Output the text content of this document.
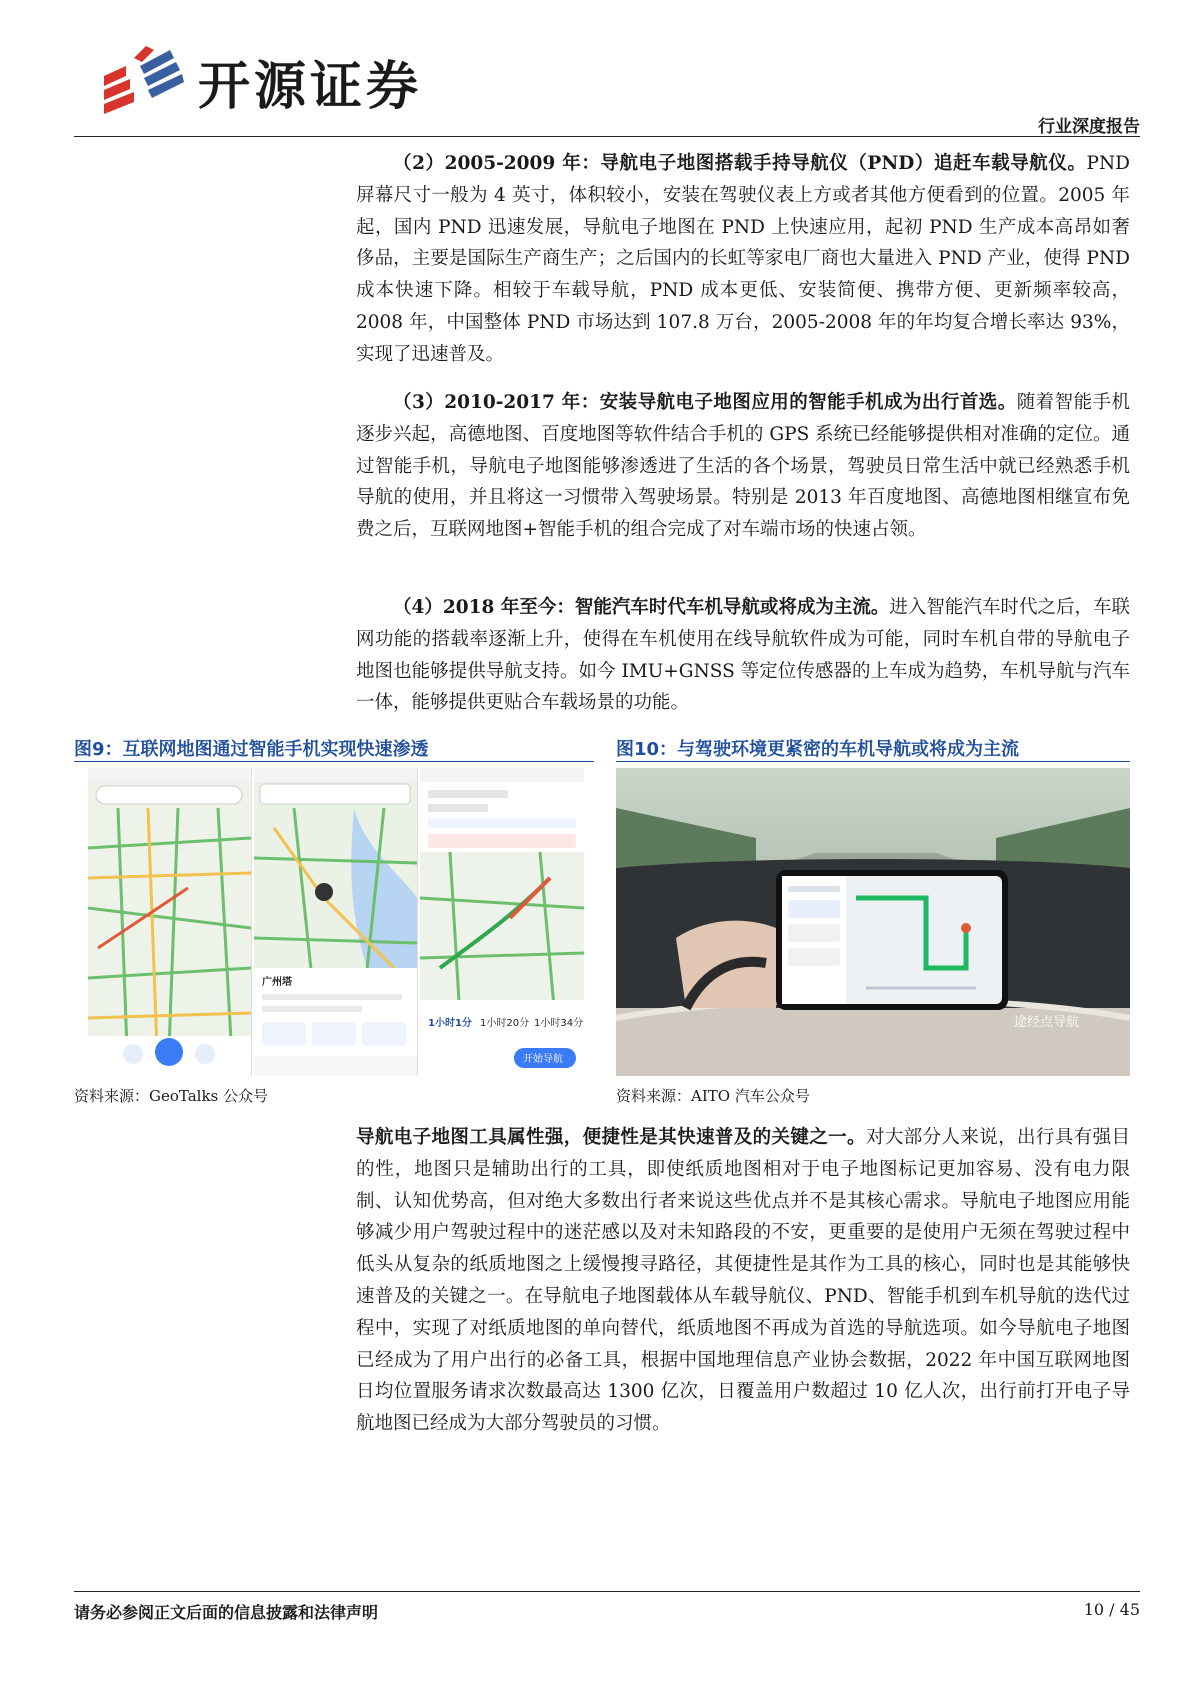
开源证券
行业深度报告

（2）2005-2009 年：导航电子地图搭载手持导航仪（PND）追赶车载导航仪。PND 屏幕尺寸一般为 4 英寸，体积较小，安装在驾驶仪表上方或者其他方便看到的位置。2005 年起，国内 PND 迅速发展，导航电子地图在 PND 上快速应用，起初 PND 生产成本高昂如奢侈品，主要是国际生产商生产；之后国内的长虹等家电厂商也大量进入 PND 产业，使得 PND 成本快速下降。相较于车载导航，PND 成本更低、安装简便、携带方便、更新频率较高，2008 年，中国整体 PND 市场达到 107.8 万台，2005-2008 年的年均复合增长率达 93%，实现了迅速普及。

（3）2010-2017 年：安装导航电子地图应用的智能手机成为出行首选。随着智能手机逐步兴起，高德地图、百度地图等软件结合手机的 GPS 系统已经能够提供相对准确的定位。通过智能手机，导航电子地图能够渗透进了生活的各个场景，驾驶员日常生活中就已经熟悉手机导航的使用，并且将这一习惯带入驾驶场景。特别是 2013 年百度地图、高德地图相继宣布免费之后，互联网地图+智能手机的组合完成了对车端市场的快速占领。

（4）2018 年至今：智能汽车时代车机导航或将成为主流。进入智能汽车时代之后，车联网功能的搭载率逐渐上升，使得在车机使用在线导航软件成为可能，同时车机自带的导航电子地图也能够提供导航支持。如今 IMU+GNSS 等定位传感器的上车成为趋势，车机导航与汽车一体，能够提供更贴合车载场景的功能。

图9：互联网地图通过智能手机实现快速渗透
广州塔
1小时1分 1小时20分 1小时34分
开始导航
资料来源：GeoTalks 公众号
图10：与驾驶环境更紧密的车机导航或将成为主流
途经点导航
资料来源：AITO 汽车公众号

导航电子地图工具属性强，便捷性是其快速普及的关键之一。对大部分人来说，出行具有强目的性，地图只是辅助出行的工具，即使纸质地图相对于电子地图标记更加容易、没有电力限制、认知优势高，但对绝大多数出行者来说这些优点并不是其核心需求。导航电子地图应用能够减少用户驾驶过程中的迷茫感以及对未知路段的不安，更重要的是使用户无须在驾驶过程中低头从复杂的纸质地图之上缓慢搜寻路径，其便捷性是其作为工具的核心，同时也是其能够快速普及的关键之一。在导航电子地图载体从车载导航仪、PND、智能手机到车机导航的迭代过程中，实现了对纸质地图的单向替代，纸质地图不再成为首选的导航选项。如今导航电子地图已经成为了用户出行的必备工具，根据中国地理信息产业协会数据，2022 年中国互联网地图日均位置服务请求次数最高达 1300 亿次，日覆盖用户数超过 10 亿人次，出行前打开电子导航地图已经成为大部分驾驶员的习惯。

请务必参阅正文后面的信息披露和法律声明	10 / 45
